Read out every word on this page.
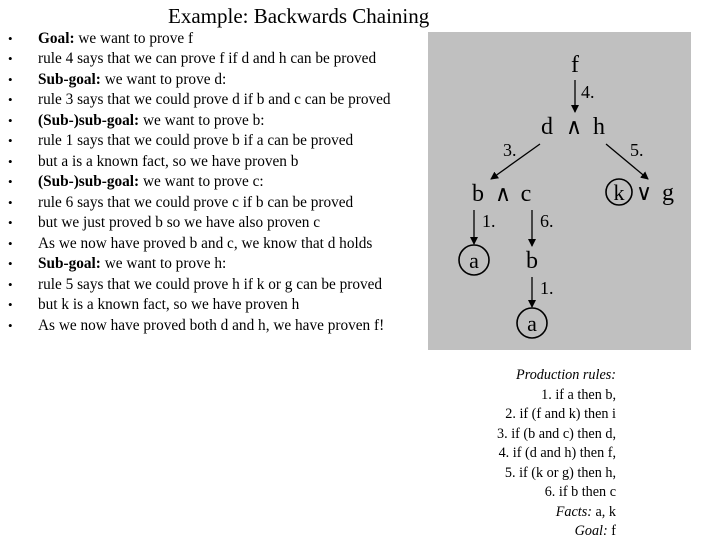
Example: Backwards Chaining
• Goal: we want to prove f
• rule 4 says that we can prove f if d and h can be proved
• Sub-goal: we want to prove d:
• rule 3 says that we could prove d if b and c can be proved
• (Sub-)sub-goal: we want to prove b:
• rule 1 says that we could prove b if a can be proved
• but a is a known fact, so we have proven b
• (Sub-)sub-goal: we want to prove c:
• rule 6 says that we could prove c if b can be proved
• but we just proved b so we have also proven c
• As we now have proved b and c, we know that d holds
• Sub-goal: we want to prove h:
• rule 5 says that we could prove h if k or g can be proved
• but k is a known fact, so we have proven h
• As we now have proved both d and h, we have proven f!
f
4.
d ∧ h
3.	5.
b ∧ c	k ∨ g
1.
a
6.
b
1.
a
Production rules:
1. if a then b,
2. if (f and k) then i
3. if (b and c) then d,
4. if (d and h) then f,
5. if (k or g) then h,
6. if b then c
Facts: a, k
Goal: f
